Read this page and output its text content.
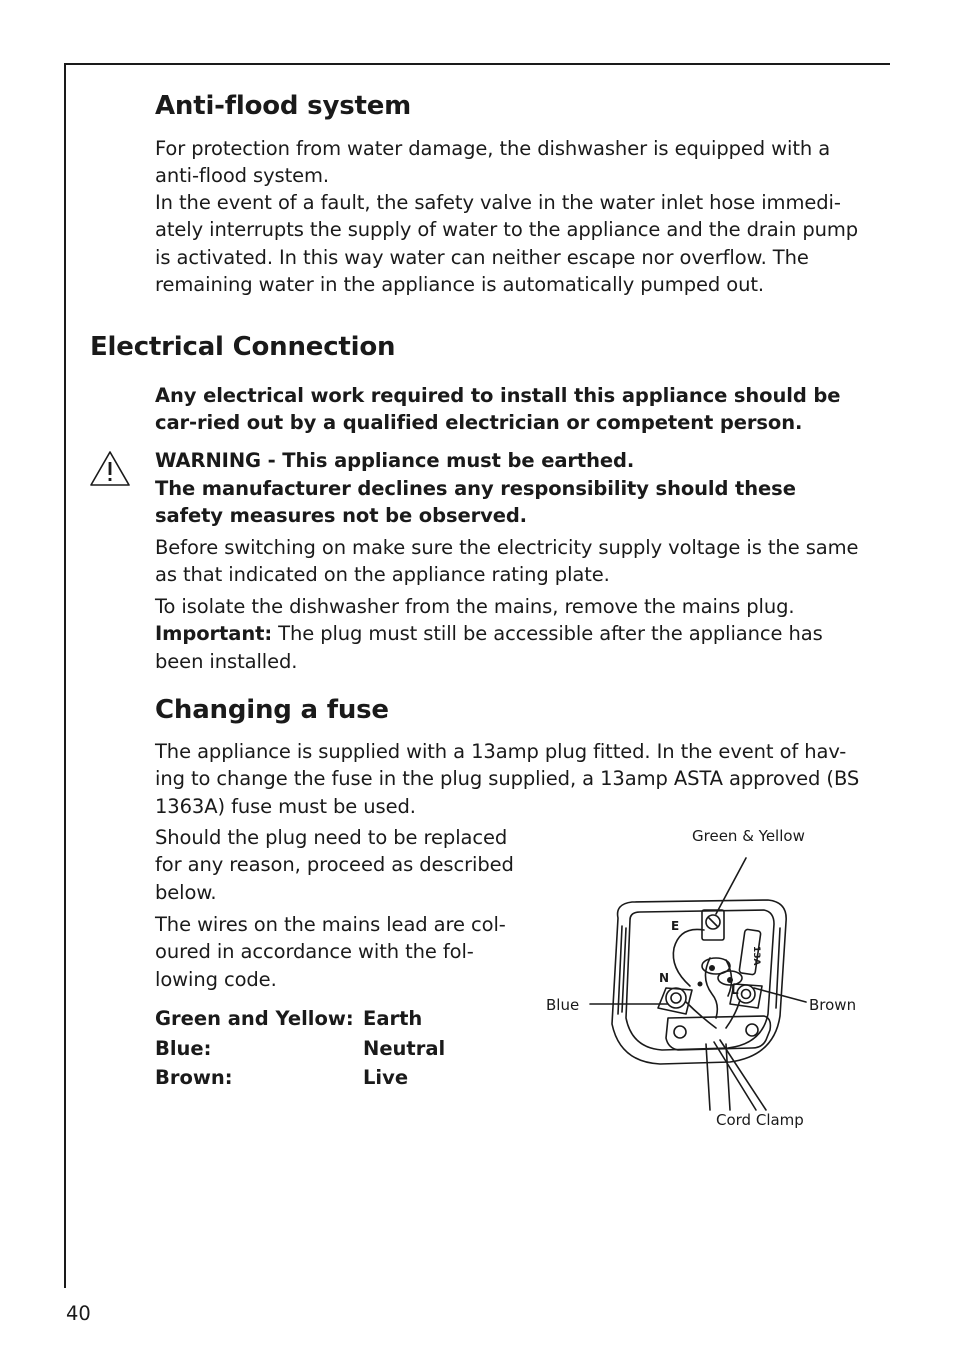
Anti-flood system

For protection from water damage, the dishwasher is equipped with a anti-flood system.

In the event of a fault, the safety valve in the water inlet hose immedi-ately interrupts the supply of water to the appliance and the drain pump is activated. In this way water can neither escape nor overflow. The remaining water in the appliance is automatically pumped out.

Electrical Connection

Any electrical work required to install this appliance should be car-ried out by a qualified electrician or competent person.

WARNING - This appliance must be earthed.

The manufacturer declines any responsibility should these safety measures not be observed.

Before switching on make sure the electricity supply voltage is the same as that indicated on the appliance rating plate.

To isolate the dishwasher from the mains, remove the mains plug.
Important: The plug must still be accessible after the appliance has been installed.

Changing a fuse

The appliance is supplied with a 13amp plug fitted. In the event of hav-ing to change the fuse in the plug supplied, a 13amp ASTA approved (BS 1363A) fuse must be used.

Should the plug need to be replaced for any reason, proceed as described below.

The wires on the mains lead are col-oured in accordance with the fol-lowing code.

Green and Yellow: Earth
Blue:	Neutral
Brown:	Live
Green & Yellow
Blue	Brown
Cord Clamp
E
N
L
13A
40
